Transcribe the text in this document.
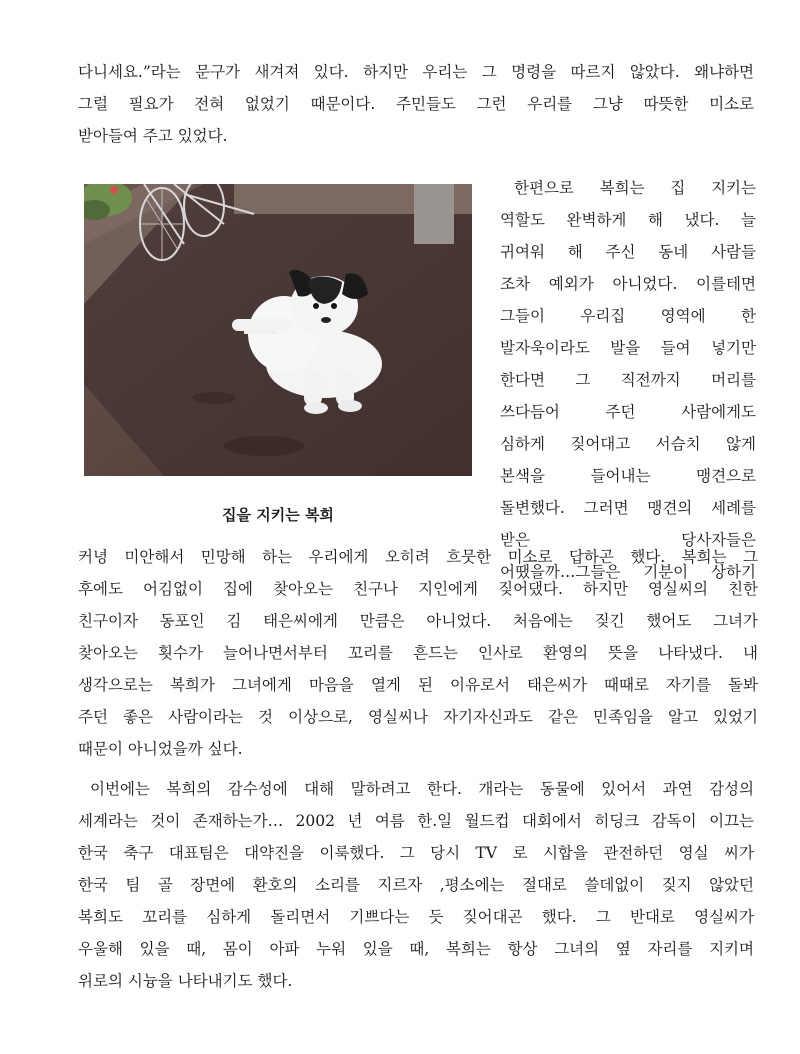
다니세요.”라는 문구가 새겨져 있다. 하지만 우리는 그 명령을 따르지 않았다. 왜냐하면
그럴 필요가 전혀 없었기 때문이다. 주민들도 그런 우리를 그냥 따뜻한 미소로
받아들여 주고 있었다.
집을 지키는 복희
한편으로 복희는 집 지키는
역할도 완벽하게 해 냈다. 늘
귀여워 해 주신 동네 사람들
조차 예외가 아니었다. 이를테면
그들이 우리집 영역에 한
발자욱이라도 발을 들여 넣기만
한다면 그 직전까지 머리를
쓰다듬어 주던 사람에게도
심하게 짖어대고 서슴치 않게
본색을 들어내는 맹견으로
돌변했다. 그러면 맹견의 세례를
받은	당사자들은
어땠을까…그들은 기분이 상하기
커녕 미안해서 민망해 하는 우리에게 오히려 흐뭇한 미소로 답하곤 했다. 복희는 그
후에도 어김없이 집에 찾아오는 친구나 지인에게 짖어댔다. 하지만 영실씨의 친한
친구이자 동포인 김 태은씨에게 만큼은 아니었다. 처음에는 짖긴 했어도 그녀가
찾아오는 횟수가 늘어나면서부터 꼬리를 흔드는 인사로 환영의 뜻을 나타냈다. 내
생각으로는 복희가 그녀에게 마음을 열게 된 이유로서 태은씨가 때때로 자기를 돌봐
주던 좋은 사람이라는 것 이상으로, 영실씨나 자기자신과도 같은 민족임을 알고 있었기
때문이 아니었을까 싶다.
이번에는 복희의 감수성에 대해 말하려고 한다. 개라는 동물에 있어서 과연 감성의
세계라는 것이 존재하는가… 2002 년 여름 한.일 월드컵 대회에서 히딩크 감독이 이끄는
한국 축구 대표팀은 대약진을 이룩했다. 그 당시 TV 로 시합을 관전하던 영실 씨가
한국 팀 골 장면에 환호의 소리를 지르자 ,평소에는 절대로 쓸데없이 짖지 않았던
복희도 꼬리를 심하게 돌리면서 기쁘다는 듯 짖어대곤 했다. 그 반대로 영실씨가
우울해 있을 때, 몸이 아파 누워 있을 때, 복희는 항상 그녀의 옆 자리를 지키며
위로의 시늉을 나타내기도 했다.
